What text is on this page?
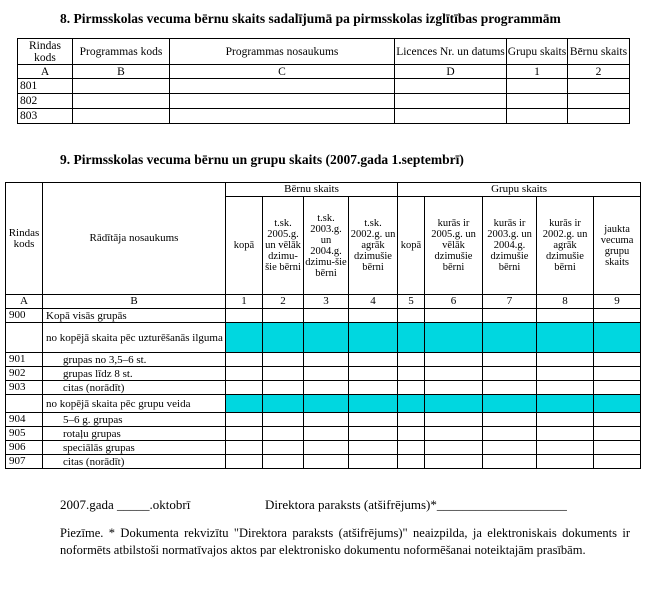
8. Pirmsskolas vecuma bērnu skaits sadalījumā pa pirmsskolas izglītības programmām
Rindas kods	Programmas kods	Programmas nosaukums	Licences Nr. un datums	Grupu skaits	Bērnu skaits
A	B	C	D	1	2
801					
802					
803					
9. Pirmsskolas vecuma bērnu un grupu skaits (2007.gada 1.septembrī)
Rindas kods	Rādītāja nosaukums	Bērnu skaits				Grupu skaits				
		kopā	t.sk. 2005.g. un vēlāk dzimu-šie bērni	t.sk. 2003.g. un 2004.g. dzimu-šie bērni	t.sk. 2002.g. un agrāk dzimušie bērni	kopā	kurās ir 2005.g. un vēlāk dzimušie bērni	kurās ir 2003.g. un 2004.g. dzimušie bērni	kurās ir 2002.g. un agrāk dzimušie bērni	jaukta vecuma grupu skaits
A	B	1	2	3	4	5	6	7	8	9
900	Kopā visās grupās									
	no kopējā skaita pēc uzturēšanās ilguma									
901	grupas no 3,5–6 st.									
902	grupas līdz 8 st.									
903	citas (norādīt)									
	no kopējā skaita pēc grupu veida									
904	5–6 g. grupas									
905	rotaļu grupas									
906	speciālās grupas									
907	citas (norādīt)									
2007.gada _____.oktobrī	Direktora paraksts (atšifrējums)*____________________
Piezīme. * Dokumenta rekvizītu "Direktora paraksts (atšifrējums)" neaizpilda, ja elektroniskais dokuments ir noformēts atbilstoši normatīvajos aktos par elektronisko dokumentu noformēšanai noteiktajām prasībām.
